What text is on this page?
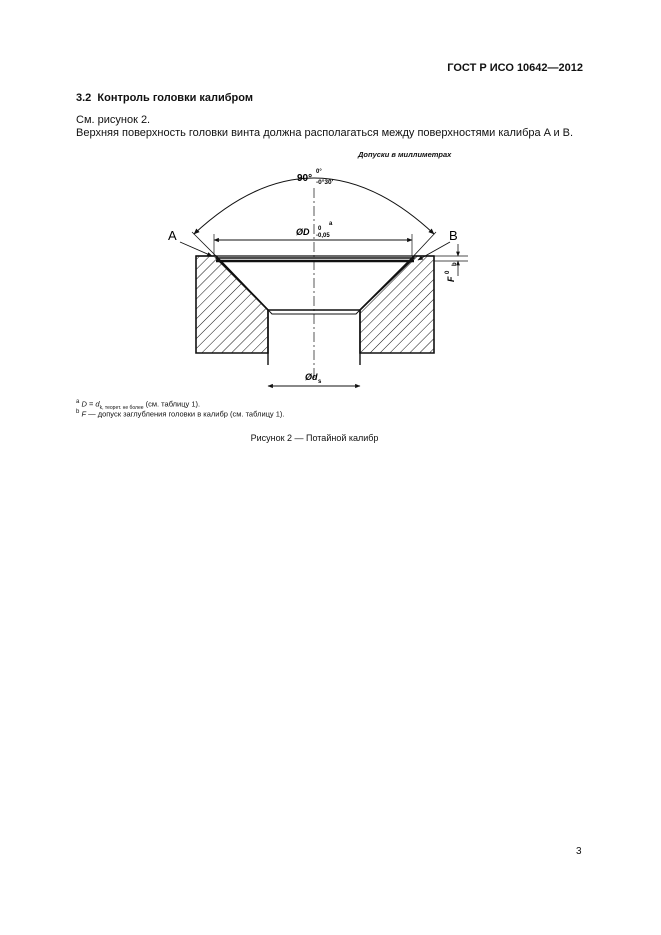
ГОСТ Р ИСО 10642—2012
3.2 Контроль головки калибром
См. рисунок 2.
Верхняя поверхность головки винта должна располагаться между поверхностями калибра A и B.
Допуски в миллиметрах
A	B
90°
0°
-0°30'
ØD 0
-0,05
a
Ød s
F
0
b
$^a$ $D = d_{k, теорет. не более}$ (см. таблицу 1).
$^b$ F — допуск заглубления головки в калибр (см. таблицу 1).
Рисунок 2 — Потайной калибр
3
